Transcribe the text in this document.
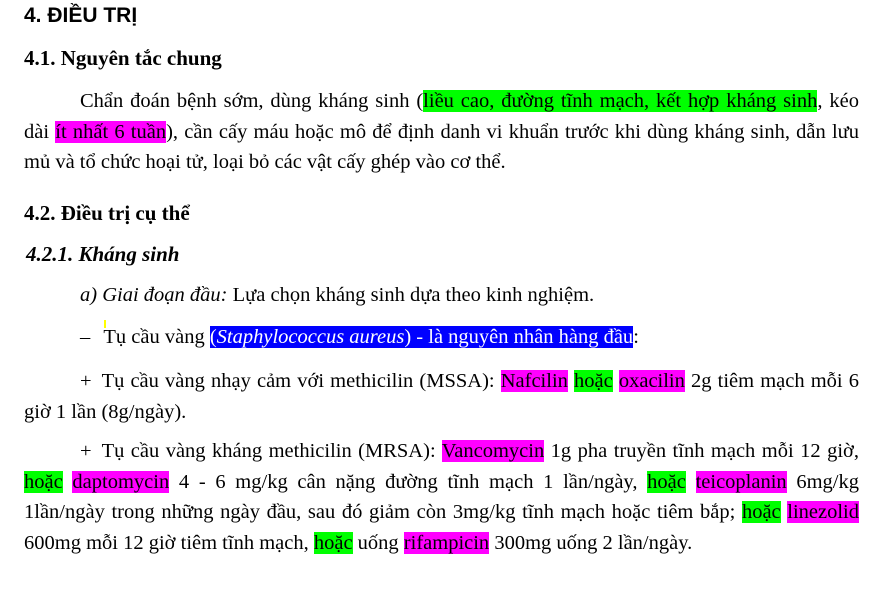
4. ĐIỀU TRỊ
4.1. Nguyên tắc chung
Chẩn đoán bệnh sớm, dùng kháng sinh (liều cao, đường tĩnh mạch, kết hợp kháng sinh, kéo dài ít nhất 6 tuần), cần cấy máu hoặc mô để định danh vi khuẩn trước khi dùng kháng sinh, dẫn lưu mủ và tổ chức hoại tử, loại bỏ các vật cấy ghép vào cơ thể.
4.2. Điều trị cụ thể
4.2.1. Kháng sinh
a) Giai đoạn đầu: Lựa chọn kháng sinh dựa theo kinh nghiệm.
– Tụ cầu vàng (Staphylococcus aureus) - là nguyên nhân hàng đầu:
+ Tụ cầu vàng nhạy cảm với methicilin (MSSA): Nafcilin hoặc oxacilin 2g tiêm mạch mỗi 6 giờ 1 lần (8g/ngày).
+ Tụ cầu vàng kháng methicilin (MRSA): Vancomycin 1g pha truyền tĩnh mạch mỗi 12 giờ, hoặc daptomycin 4 - 6 mg/kg cân nặng đường tĩnh mạch 1 lần/ngày, hoặc teicoplanin 6mg/kg 1lần/ngày trong những ngày đầu, sau đó giảm còn 3mg/kg tĩnh mạch hoặc tiêm bắp; hoặc linezolid 600mg mỗi 12 giờ tiêm tĩnh mạch, hoặc uống rifampicin 300mg uống 2 lần/ngày.
